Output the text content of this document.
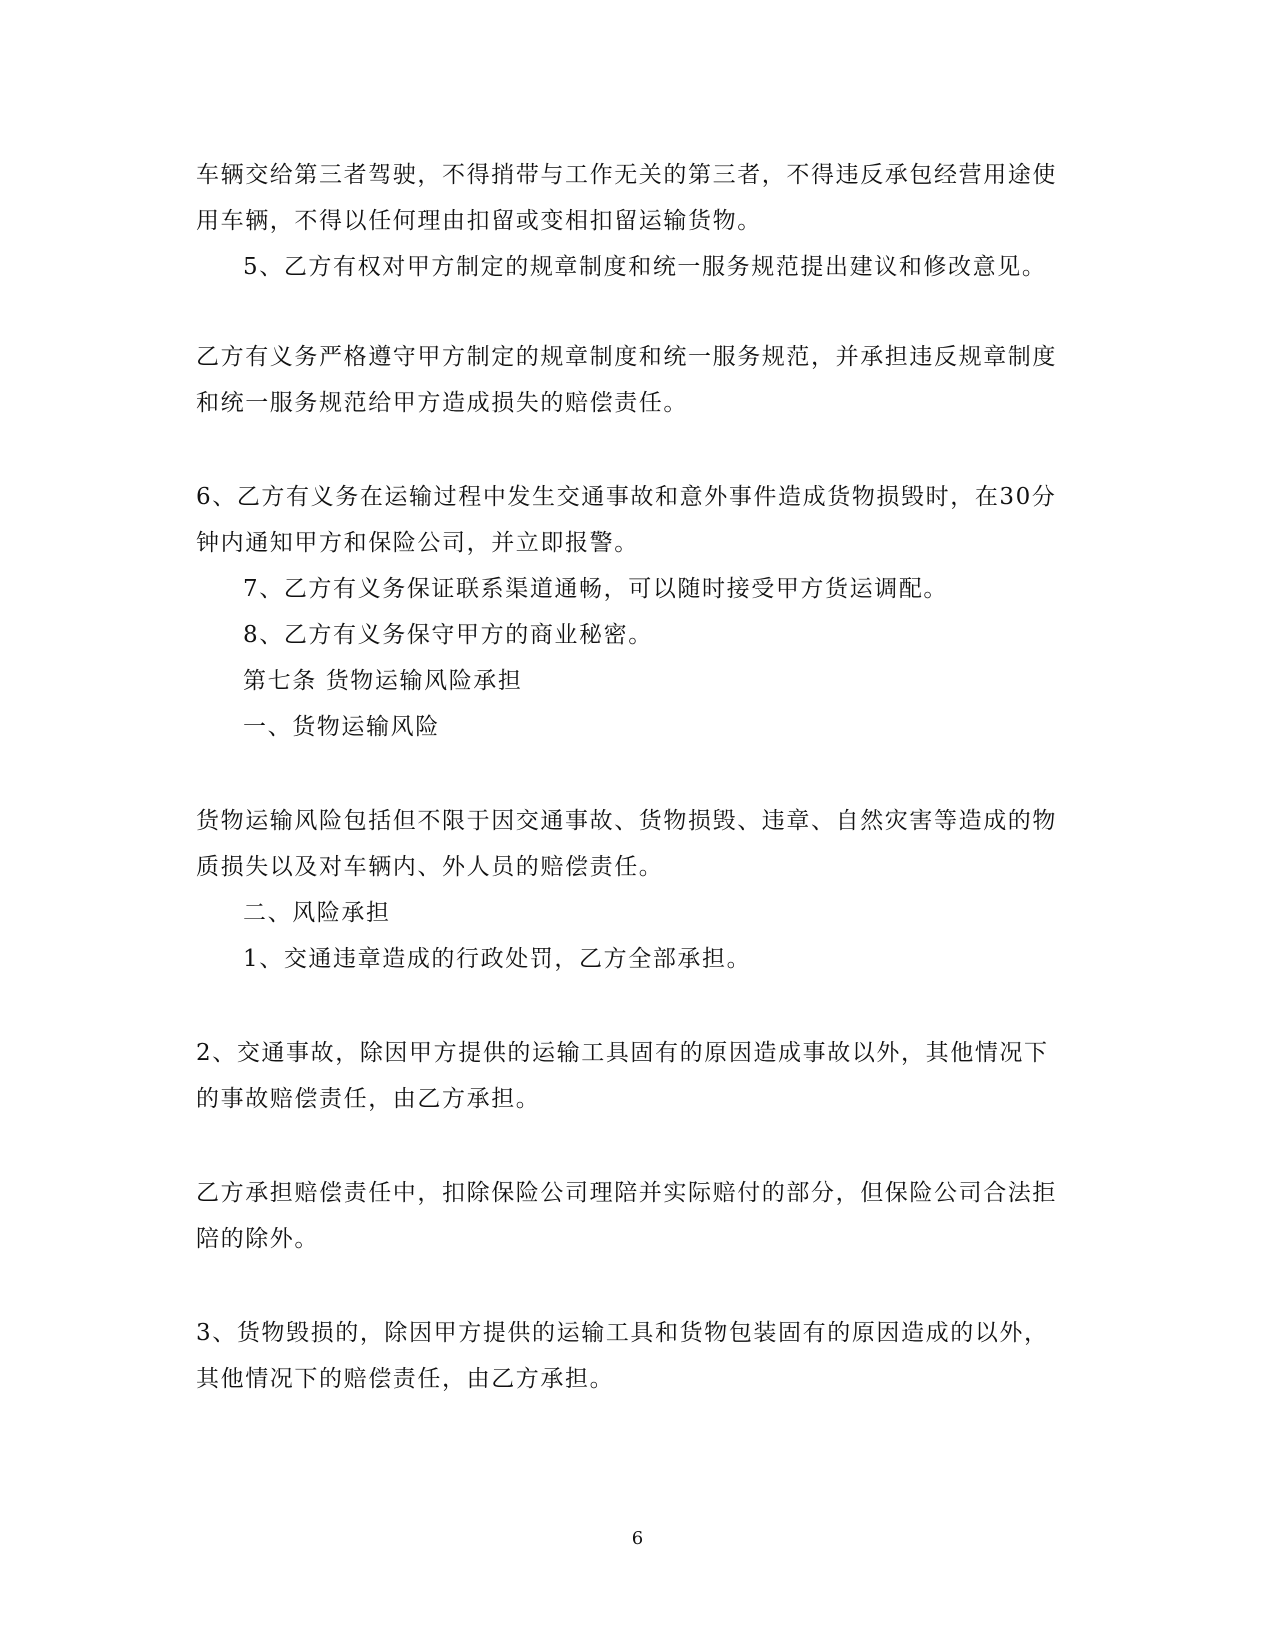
车辆交给第三者驾驶，不得捎带与工作无关的第三者，不得违反承包经营用途使
用车辆，不得以任何理由扣留或变相扣留运输货物。
5、乙方有权对甲方制定的规章制度和统一服务规范提出建议和修改意见。
乙方有义务严格遵守甲方制定的规章制度和统一服务规范，并承担违反规章制度
和统一服务规范给甲方造成损失的赔偿责任。
6、乙方有义务在运输过程中发生交通事故和意外事件造成货物损毁时，在30分
钟内通知甲方和保险公司，并立即报警。
7、乙方有义务保证联系渠道通畅，可以随时接受甲方货运调配。
8、乙方有义务保守甲方的商业秘密。
第七条 货物运输风险承担
一、货物运输风险
货物运输风险包括但不限于因交通事故、货物损毁、违章、自然灾害等造成的物
质损失以及对车辆内、外人员的赔偿责任。
二、风险承担
1、交通违章造成的行政处罚，乙方全部承担。
2、交通事故，除因甲方提供的运输工具固有的原因造成事故以外，其他情况下
的事故赔偿责任，由乙方承担。
乙方承担赔偿责任中，扣除保险公司理陪并实际赔付的部分，但保险公司合法拒
陪的除外。
3、货物毁损的，除因甲方提供的运输工具和货物包装固有的原因造成的以外，
其他情况下的赔偿责任，由乙方承担。
6
